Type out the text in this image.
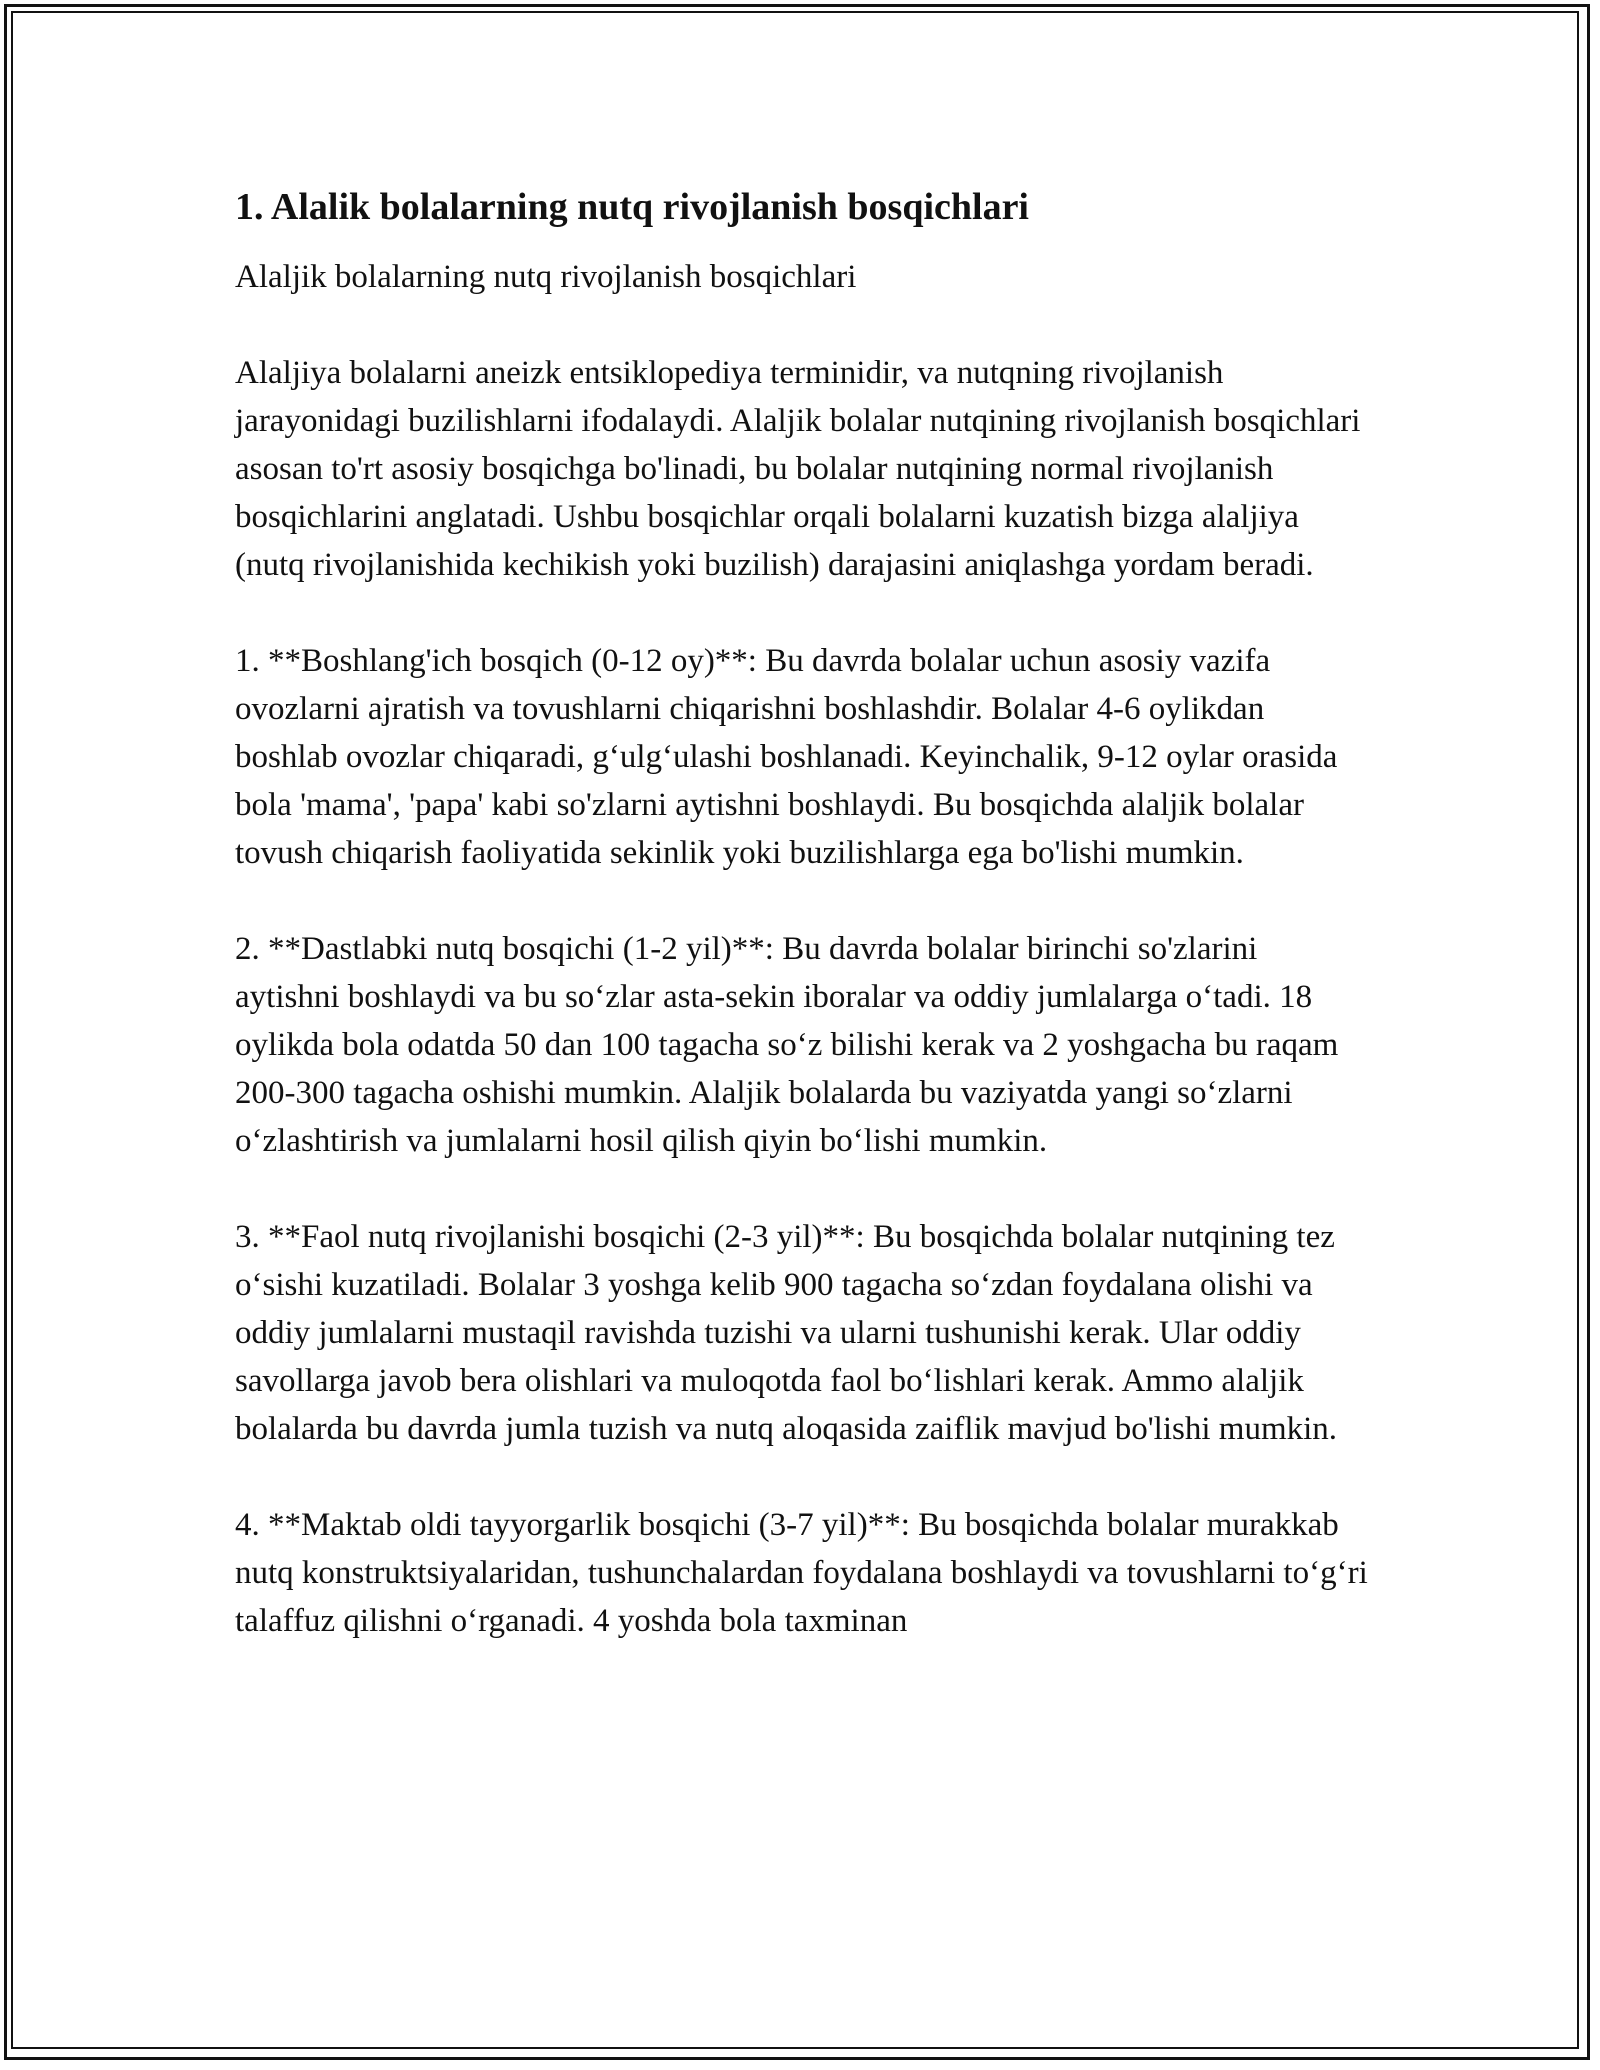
1. Alalik bolalarning nutq rivojlanish bosqichlari

Alaljik bolalarning nutq rivojlanish bosqichlari

Alaljiya bolalarni aneizk entsiklopediya terminidir, va nutqning rivojlanish jarayonidagi buzilishlarni ifodalaydi. Alaljik bolalar nutqining rivojlanish bosqichlari asosan to'rt asosiy bosqichga bo'linadi, bu bolalar nutqining normal rivojlanish bosqichlarini anglatadi. Ushbu bosqichlar orqali bolalarni kuzatish bizga alaljiya (nutq rivojlanishida kechikish yoki buzilish) darajasini aniqlashga yordam beradi.

1. **Boshlang'ich bosqich (0-12 oy)**: Bu davrda bolalar uchun asosiy vazifa ovozlarni ajratish va tovushlarni chiqarishni boshlashdir. Bolalar 4-6 oylikdan boshlab ovozlar chiqaradi, g‘ulg‘ulashi boshlanadi. Keyinchalik, 9-12 oylar orasida bola 'mama', 'papa' kabi so'zlarni aytishni boshlaydi. Bu bosqichda alaljik bolalar tovush chiqarish faoliyatida sekinlik yoki buzilishlarga ega bo'lishi mumkin.

2. **Dastlabki nutq bosqichi (1-2 yil)**: Bu davrda bolalar birinchi so'zlarini aytishni boshlaydi va bu so‘zlar asta-sekin iboralar va oddiy jumlalarga o‘tadi. 18 oylikda bola odatda 50 dan 100 tagacha so‘z bilishi kerak va 2 yoshgacha bu raqam 200-300 tagacha oshishi mumkin. Alaljik bolalarda bu vaziyatda yangi so‘zlarni o‘zlashtirish va jumlalarni hosil qilish qiyin bo‘lishi mumkin.

3. **Faol nutq rivojlanishi bosqichi (2-3 yil)**: Bu bosqichda bolalar nutqining tez o‘sishi kuzatiladi. Bolalar 3 yoshga kelib 900 tagacha so‘zdan foydalana olishi va oddiy jumlalarni mustaqil ravishda tuzishi va ularni tushunishi kerak. Ular oddiy savollarga javob bera olishlari va muloqotda faol bo‘lishlari kerak. Ammo alaljik bolalarda bu davrda jumla tuzish va nutq aloqasida zaiflik mavjud bo'lishi mumkin.

4. **Maktab oldi tayyorgarlik bosqichi (3-7 yil)**: Bu bosqichda bolalar murakkab nutq konstruktsiyalaridan, tushunchalardan foydalana boshlaydi va tovushlarni to‘g‘ri talaffuz qilishni o‘rganadi. 4 yoshda bola taxminan
